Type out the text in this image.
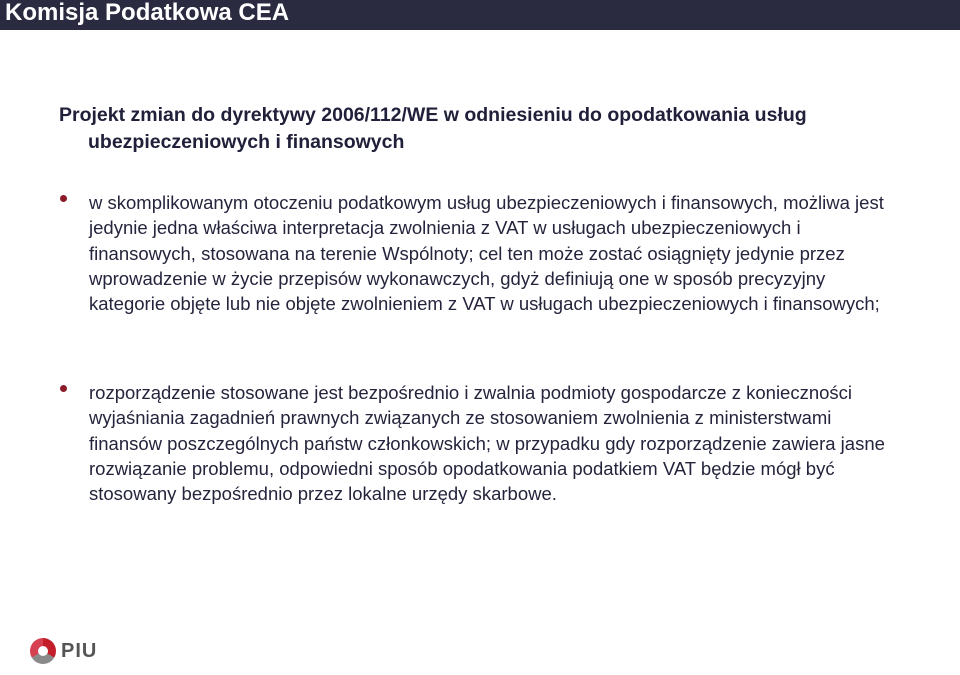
Komisja Podatkowa CEA
Projekt zmian do dyrektywy 2006/112/WE w odniesieniu do opodatkowania usług
ubezpieczeniowych i finansowych
w skomplikowanym otoczeniu podatkowym usług ubezpieczeniowych i finansowych, możliwa jest jedynie jedna właściwa interpretacja zwolnienia z VAT w usługach ubezpieczeniowych i finansowych, stosowana na terenie Wspólnoty; cel ten może zostać osiągnięty jedynie przez wprowadzenie w życie przepisów wykonawczych, gdyż definiują one w sposób precyzyjny kategorie objęte lub nie objęte zwolnieniem z VAT w usługach ubezpieczeniowych i finansowych;
rozporządzenie stosowane jest bezpośrednio i zwalnia podmioty gospodarcze z konieczności wyjaśniania zagadnień prawnych związanych ze stosowaniem zwolnienia z ministerstwami finansów poszczególnych państw członkowskich; w przypadku gdy rozporządzenie zawiera jasne rozwiązanie problemu, odpowiedni sposób opodatkowania podatkiem VAT będzie mógł być stosowany bezpośrednio przez lokalne urzędy skarbowe.
PIU
